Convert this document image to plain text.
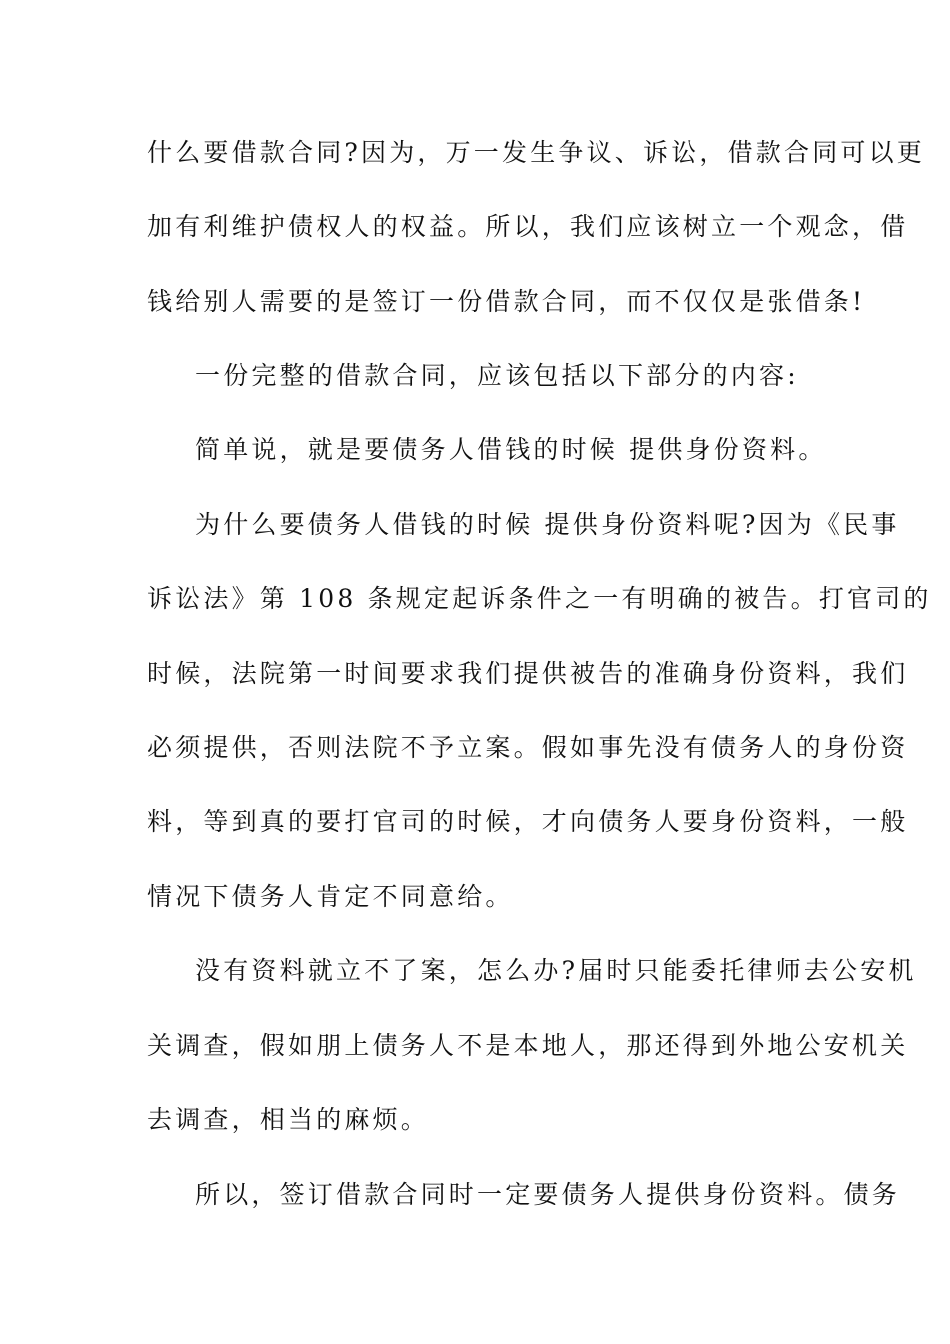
什么要借款合同?因为，万一发生争议、诉讼，借款合同可以更
加有利维护债权人的权益。所以，我们应该树立一个观念，借
钱给别人需要的是签订一份借款合同，而不仅仅是张借条!
一份完整的借款合同，应该包括以下部分的内容:
简单说，就是要债务人借钱的时候 提供身份资料。
为什么要债务人借钱的时候 提供身份资料呢?因为《民事
诉讼法》第 108 条规定起诉条件之一有明确的被告。打官司的
时候，法院第一时间要求我们提供被告的准确身份资料，我们
必须提供，否则法院不予立案。假如事先没有债务人的身份资
料，等到真的要打官司的时候，才向债务人要身份资料，一般
情况下债务人肯定不同意给。
没有资料就立不了案，怎么办?届时只能委托律师去公安机
关调查，假如朋上债务人不是本地人，那还得到外地公安机关
去调查，相当的麻烦。
所以，签订借款合同时一定要债务人提供身份资料。债务
